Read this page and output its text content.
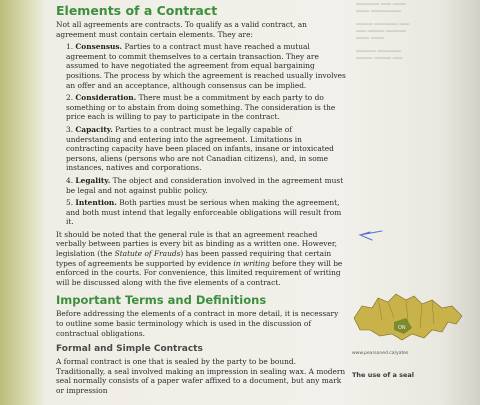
Elements of a Contract

Not all agreements are contracts. To qualify as a valid contract, an agreement must contain certain elements. They are:

1. Consensus. Parties to a contract must have reached a mutual agreement to commit themselves to a certain transaction. They are assumed to have negotiated the agreement from equal bargaining positions. The process by which the agreement is reached usually involves an offer and an acceptance, although consensus can be implied.
2. Consideration. There must be a commitment by each party to do something or to abstain from doing something. The consideration is the price each is willing to pay to participate in the contract.
3. Capacity. Parties to a contract must be legally capable of understanding and entering into the agreement. Limitations in contracting capacity have been placed on infants, insane or intoxicated persons, aliens (persons who are not Canadian citizens), and, in some instances, natives and corporations.
4. Legality. The object and consideration involved in the agreement must be legal and not against public policy.
5. Intention. Both parties must be serious when making the agreement, and both must intend that legally enforceable obligations will result from it.

It should be noted that the general rule is that an agreement reached verbally between parties is every bit as binding as a written one. However, legislation (the Statute of Frauds) has been passed requiring that certain types of agreements be supported by evidence in writing before they will be enforced in the courts. For convenience, this limited requirement of writing will be discussed along with the five elements of a contract.

Important Terms and Definitions

Before addressing the elements of a contract in more detail, it is necessary to outline some basic terminology which is used in the discussion of contractual obligations.

Formal and Simple Contracts

A formal contract is one that is sealed by the party to be bound. Traditionally, a seal involved making an impression in sealing wax. A modern seal normally consists of a paper wafer affixed to a document, but any mark or impression

━━━━━━━ ━━━ ━━━━
━━━━ ━━━━━━━━━
━━━━━ ━━━━━━━ ━━━
━━━ ━━━━━ ━━━━━━
━━━━ ━━━━
━━━━━━ ━━━━━━━
━━━━━ ━━━━━ ━━━
ON
www.pearsoned.ca/yates
The use of a seal
